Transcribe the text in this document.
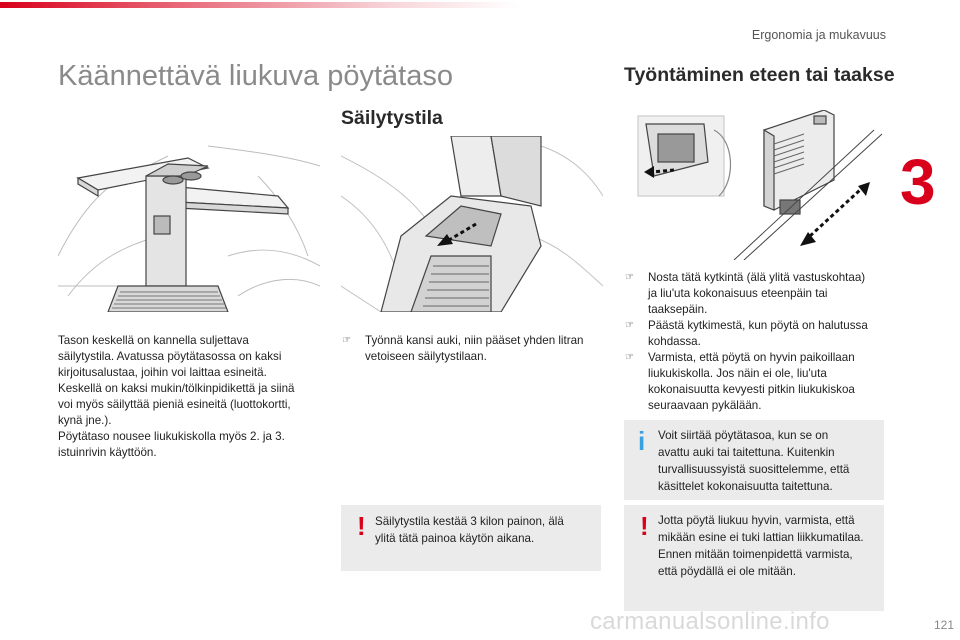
Ergonomia ja mukavuus
3
Käännettävä liukuva pöytätaso
Säilytystila
Työntäminen eteen tai taakse
Tason keskellä on kannella suljettava
säilytystila. Avatussa pöytätasossa on kaksi
kirjoitusalustaa, joihin voi laittaa esineitä.
Keskellä on kaksi mukin/tölkinpidikettä ja siinä
voi myös säilyttää pieniä esineitä (luottokortti,
kynä jne.).
Pöytätaso nousee liukukiskolla myös 2. ja 3.
istuinrivin käyttöön.
☞ Työnnä kansi auki, niin pääset yhden litran
vetoiseen säilytystilaan.
! Säilytystila kestää 3 kilon painon, älä
ylitä tätä painoa käytön aikana.
☞ Nosta tätä kytkintä (älä ylitä vastuskohtaa)
ja liu'uta kokonaisuus eteenpäin tai
taaksepäin.
☞ Päästä kytkimestä, kun pöytä on halutussa
kohdassa.
☞ Varmista, että pöytä on hyvin paikoillaan
liukukiskolla. Jos näin ei ole, liu'uta
kokonaisuutta kevyesti pitkin liukukiskoa
seuraavaan pykälään.
i Voit siirtää pöytätasoa, kun se on
avattu auki tai taitettuna. Kuitenkin
turvallisuussyistä suosittelemme, että
käsittelet kokonaisuutta taitettuna.
! Jotta pöytä liukuu hyvin, varmista, että
mikään esine ei tuki lattian liikkumatilaa.
Ennen mitään toimenpidettä varmista,
että pöydällä ei ole mitään.
carmanualsonline.info	121
